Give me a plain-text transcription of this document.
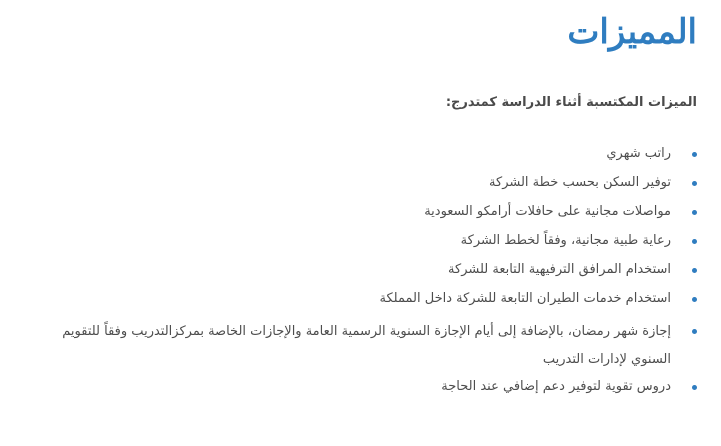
المميزات

الميزات المكتسبة أثناء الدراسة كمتدرج:

راتب شهري
توفير السكن بحسب خطة الشركة
مواصلات مجانية على حافلات أرامكو السعودية
رعاية طبية مجانية، وفقاً لخطط الشركة
استخدام المرافق الترفيهية التابعة للشركة
استخدام خدمات الطيران التابعة للشركة داخل المملكة
إجازة شهر رمضان، بالإضافة إلى أيام الإجازة السنوية الرسمية العامة والإجازات الخاصة بمركزالتدريب وفقاً للتقويم السنوي لإدارات التدريب
دروس تقوية لتوفير دعم إضافي عند الحاجة
